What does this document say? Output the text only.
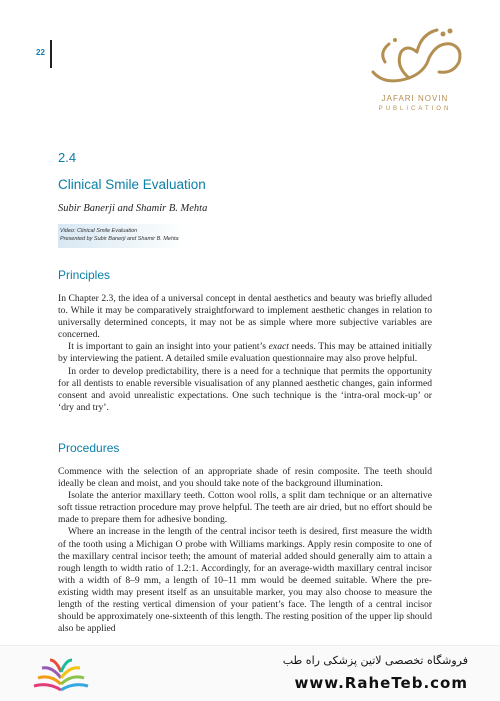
22
JAFARI NOVIN
PUBLICATION
2.4
Clinical Smile Evaluation
Subir Banerji and Shamir B. Mehta
Video: Clinical Smile Evaluation
Presented by Subir Banerji and Shamir B. Mehta
Principles

In Chapter 2.3, the idea of a universal concept in dental aesthetics and beauty was briefly alluded to. While it may be comparatively straightforward to implement aesthetic changes in relation to universally determined concepts, it may not be as simple where more subjective variables are concerned.

It is important to gain an insight into your patient’s exact needs. This may be attained initially by interviewing the patient. A detailed smile evaluation questionnaire may also prove helpful.

In order to develop predictability, there is a need for a technique that permits the opportunity for all dentists to enable reversible visualisation of any planned aesthetic changes, gain informed consent and avoid unrealistic expectations. One such technique is the ‘intra-oral mock-up’ or ‘dry and try’.

Procedures

Commence with the selection of an appropriate shade of resin composite. The teeth should ideally be clean and moist, and you should take note of the background illumination.

Isolate the anterior maxillary teeth. Cotton wool rolls, a split dam technique or an alternative soft tissue retraction procedure may prove helpful. The teeth are air dried, but no effort should be made to prepare them for adhesive bonding.

Where an increase in the length of the central incisor teeth is desired, first measure the width of the tooth using a Michigan O probe with Williams markings. Apply resin composite to one of the maxillary central incisor teeth; the amount of material added should generally aim to attain a rough length to width ratio of 1.2:1. Accordingly, for an average-width maxillary central incisor with a width of 8–9 mm, a length of 10–11 mm would be deemed suitable. Where the pre-existing width may present itself as an unsuitable marker, you may also choose to measure the length of the resting vertical dimension of your patient’s face. The length of a central incisor should be approximately one-sixteenth of this length. The resting position of the upper lip should also be applied

فروشگاه تخصصی لاتین پزشکی راه طب
www.RaheTeb.com
